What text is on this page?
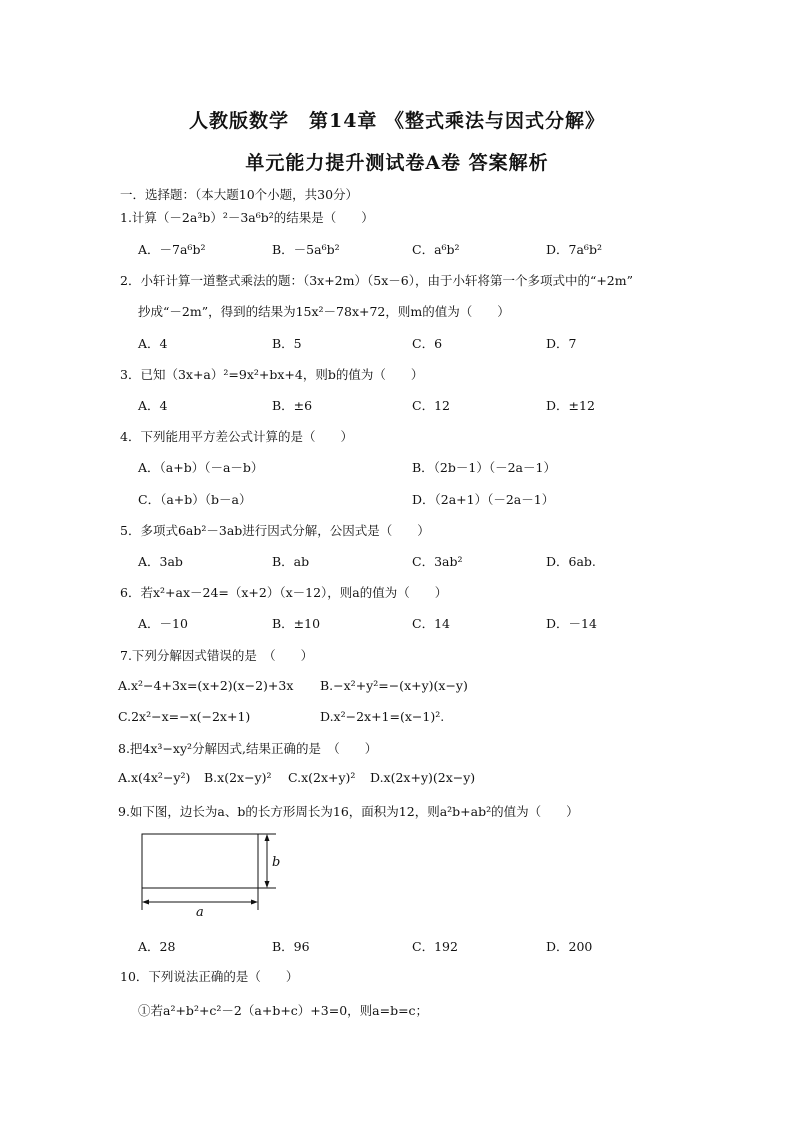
人教版数学　第14章 《整式乘法与因式分解》
单元能力提升测试卷A卷 答案解析
一．选择题：（本大题10个小题，共30分）
1.计算（－2a³b）²－3a⁶b²的结果是（　　）
A．－7a⁶b²	B．－5a⁶b²	C．a⁶b²	D．7a⁶b²
2．小轩计算一道整式乘法的题：（3x+2m）（5x－6），由于小轩将第一个多项式中的“+2m”
抄成“－2m”，得到的结果为15x²－78x+72，则m的值为（　　）
A．4	B．5	C．6	D．7
3．已知（3x+a）²=9x²+bx+4，则b的值为（　　）
A．4	B．±6	C．12	D．±12
4．下列能用平方差公式计算的是（　　）
A．（a+b）（－a－b）	B．（2b－1）（－2a－1）
C．（a+b）（b－a）	D．（2a+1）（－2a－1）
5．多项式6ab²－3ab进行因式分解，公因式是（　　）
A．3ab	B．ab	C．3ab²	D．6ab.
6．若x²+ax－24=（x+2）（x－12），则a的值为（　　）
A．－10	B．±10	C．14	D．－14
7.下列分解因式错误的是　（　　）
A.x²−4+3x=(x+2)(x−2)+3x B.−x²+y²=−(x+y)(x−y)
C.2x²−x=−x(−2x+1)	D.x²−2x+1=(x−1)².
8.把4x³−xy²分解因式,结果正确的是　（　　）
A.x(4x²−y²) B.x(2x−y)² C.x(2x+y)² D.x(2x+y)(2x−y)
9.如下图，边长为a、b的长方形周长为16，面积为12，则a²b+ab²的值为（　　）
b
a
A．28	B．96	C．192	D．200
10．下列说法正确的是（　　）
①若a²+b²+c²－2（a+b+c）+3=0，则a=b=c；
